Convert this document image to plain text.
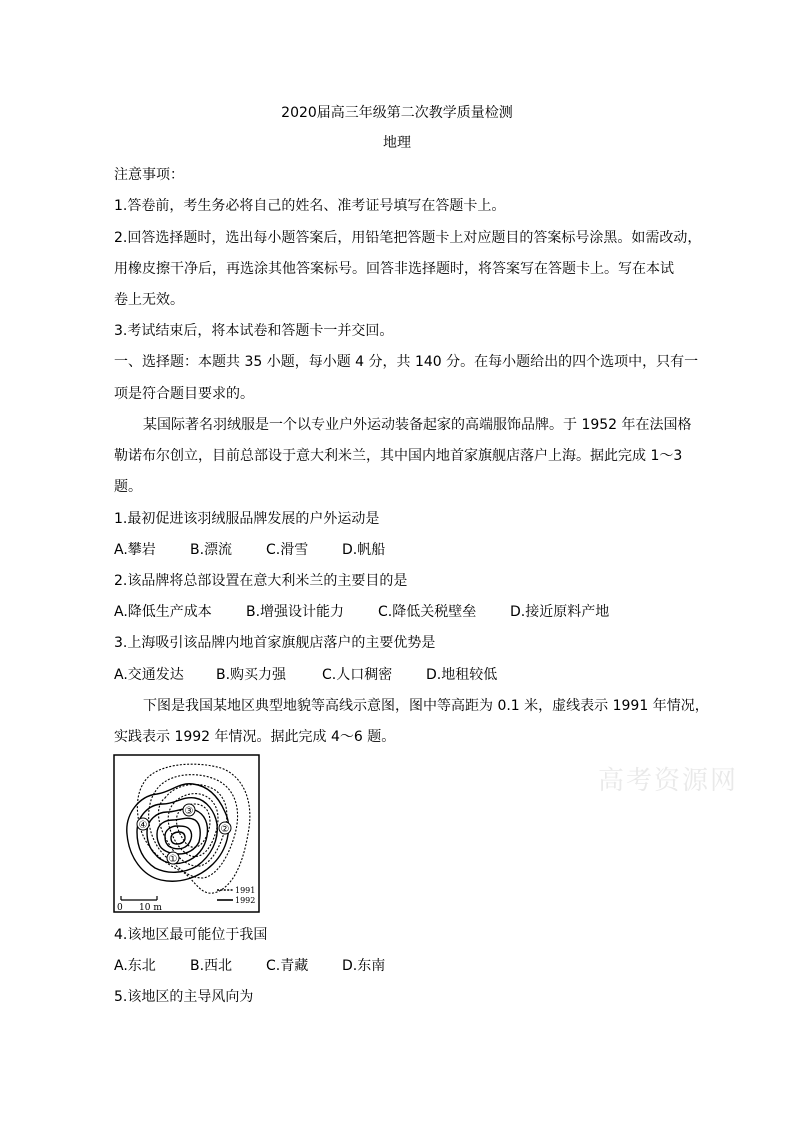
2020届高三年级第二次教学质量检测
地理
注意事项：
1.答卷前，考生务必将自己的姓名、准考证号填写在答题卡上。
2.回答选择题时，选出每小题答案后，用铅笔把答题卡上对应题目的答案标号涂黑。如需改动，
用橡皮擦干净后，再选涂其他答案标号。回答非选择题时，将答案写在答题卡上。写在本试
卷上无效。
3.考试结束后，将本试卷和答题卡一并交回。
一、选择题：本题共 35 小题，每小题 4 分，共 140 分。在每小题给出的四个选项中，只有一
项是符合题目要求的。
某国际著名羽绒服是一个以专业户外运动装备起家的高端服饰品牌。于 1952 年在法国格
勒诺布尔创立，目前总部设于意大利米兰，其中国内地首家旗舰店落户上海。据此完成 1～3
题。
1.最初促进该羽绒服品牌发展的户外运动是
A.攀岩 B.漂流 C.滑雪 D.帆船
2.该品牌将总部设置在意大利米兰的主要目的是
A.降低生产成本 B.增强设计能力 C.降低关税壁垒 D.接近原料产地
3.上海吸引该品牌内地首家旗舰店落户的主要优势是
A.交通发达 B.购买力强	C.人口稠密 D.地租较低
下图是我国某地区典型地貌等高线示意图，图中等高距为 0.1 米，虚线表示 1991 年情况，
实践表示 1992 年情况。据此完成 4～6 题。
①
②
③
④
1991
1992
0 10 m
高考资源网
4.该地区最可能位于我国
A.东北 B.西北 C.青藏 D.东南
5.该地区的主导风向为
